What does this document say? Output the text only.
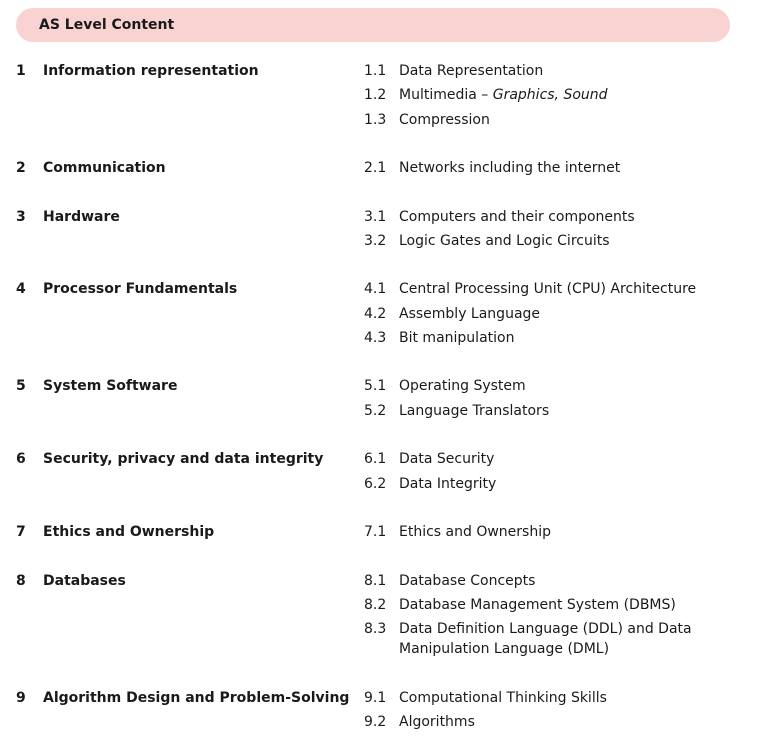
AS Level Content
1 Information representation	1.1 Data Representation
1.2 Multimedia – Graphics, Sound
1.3 Compression
2 Communication	2.1 Networks including the internet
3 Hardware	3.1 Computers and their components
3.2 Logic Gates and Logic Circuits
4 Processor Fundamentals	4.1 Central Processing Unit (CPU) Architecture
4.2 Assembly Language
4.3 Bit manipulation
5 System Software	5.1 Operating System
5.2 Language Translators
6 Security, privacy and data integrity	6.1 Data Security
6.2 Data Integrity
7 Ethics and Ownership	7.1 Ethics and Ownership
8 Databases	8.1 Database Concepts
8.2 Database Management System (DBMS)
8.3 Data Definition Language (DDL) and Data Manipulation Language (DML)
9 Algorithm Design and Problem-Solving 9.1 Computational Thinking Skills
9.2 Algorithms
